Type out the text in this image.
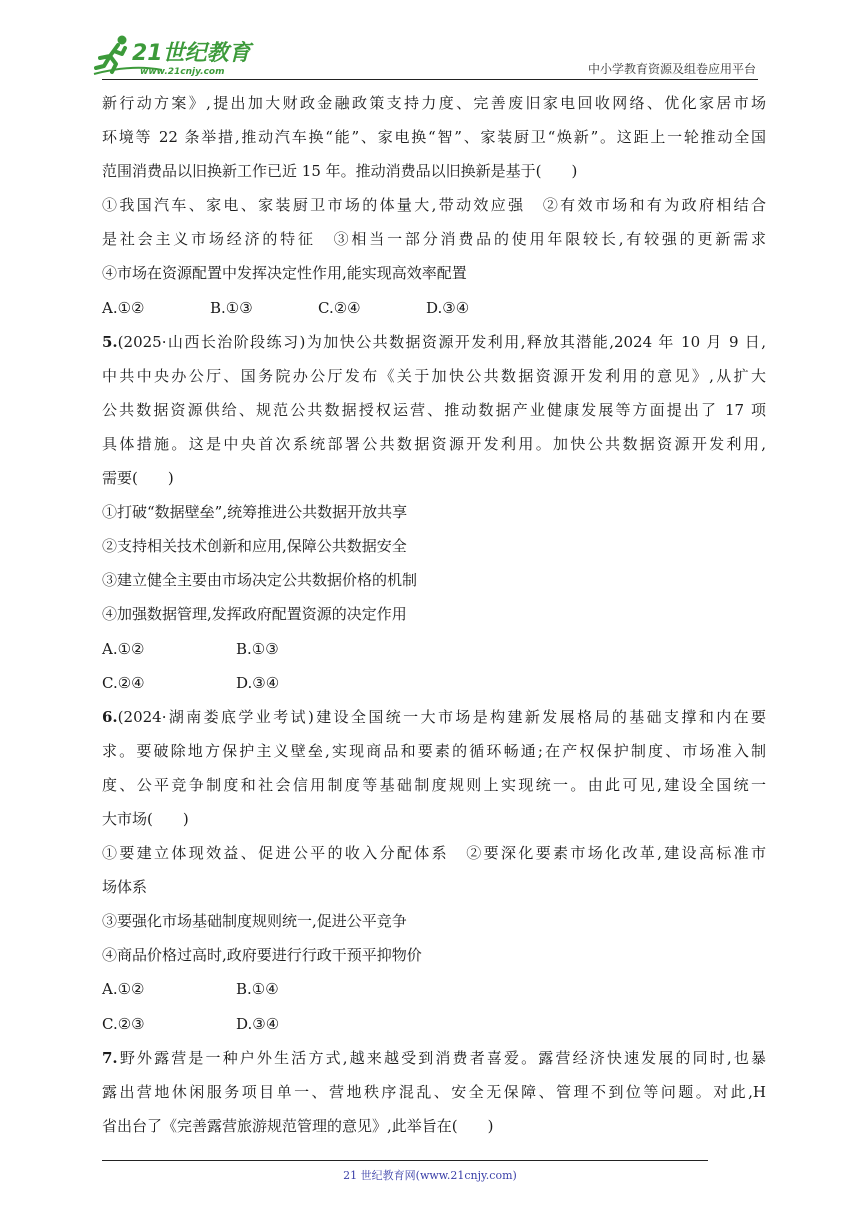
21世纪教育
www.21cnjy.com	中小学教育资源及组卷应用平台
新行动方案》,提出加大财政金融政策支持力度、完善废旧家电回收网络、优化家居市场
环境等 22 条举措,推动汽车换“能”、家电换“智”、家装厨卫“焕新”。这距上一轮推动全国
范围消费品以旧换新工作已近 15 年。推动消费品以旧换新是基于(　　)
①我国汽车、家电、家装厨卫市场的体量大,带动效应强　②有效市场和有为政府相结合
是社会主义市场经济的特征　③相当一部分消费品的使用年限较长,有较强的更新需求
④市场在资源配置中发挥决定性作用,能实现高效率配置
A.①②	B.①③	C.②④	D.③④
5.(2025·山西长治阶段练习)为加快公共数据资源开发利用,释放其潜能,2024 年 10 月 9 日,
中共中央办公厅、国务院办公厅发布《关于加快公共数据资源开发利用的意见》,从扩大
公共数据资源供给、规范公共数据授权运营、推动数据产业健康发展等方面提出了 17 项
具体措施。这是中央首次系统部署公共数据资源开发利用。加快公共数据资源开发利用,
需要(　　)
①打破“数据壁垒”,统筹推进公共数据开放共享
②支持相关技术创新和应用,保障公共数据安全
③建立健全主要由市场决定公共数据价格的机制
④加强数据管理,发挥政府配置资源的决定作用
A.①②	B.①③
C.②④	D.③④
6.(2024·湖南娄底学业考试)建设全国统一大市场是构建新发展格局的基础支撑和内在要
求。要破除地方保护主义壁垒,实现商品和要素的循环畅通;在产权保护制度、市场准入制
度、公平竞争制度和社会信用制度等基础制度规则上实现统一。由此可见,建设全国统一
大市场(　　)
①要建立体现效益、促进公平的收入分配体系　②要深化要素市场化改革,建设高标准市
场体系
③要强化市场基础制度规则统一,促进公平竞争
④商品价格过高时,政府要进行行政干预平抑物价
A.①②	B.①④
C.②③	D.③④
7.野外露营是一种户外生活方式,越来越受到消费者喜爱。露营经济快速发展的同时,也暴
露出营地休闲服务项目单一、营地秩序混乱、安全无保障、管理不到位等问题。对此,H
省出台了《完善露营旅游规范管理的意见》,此举旨在(　　)
21 世纪教育网(www.21cnjy.com)
